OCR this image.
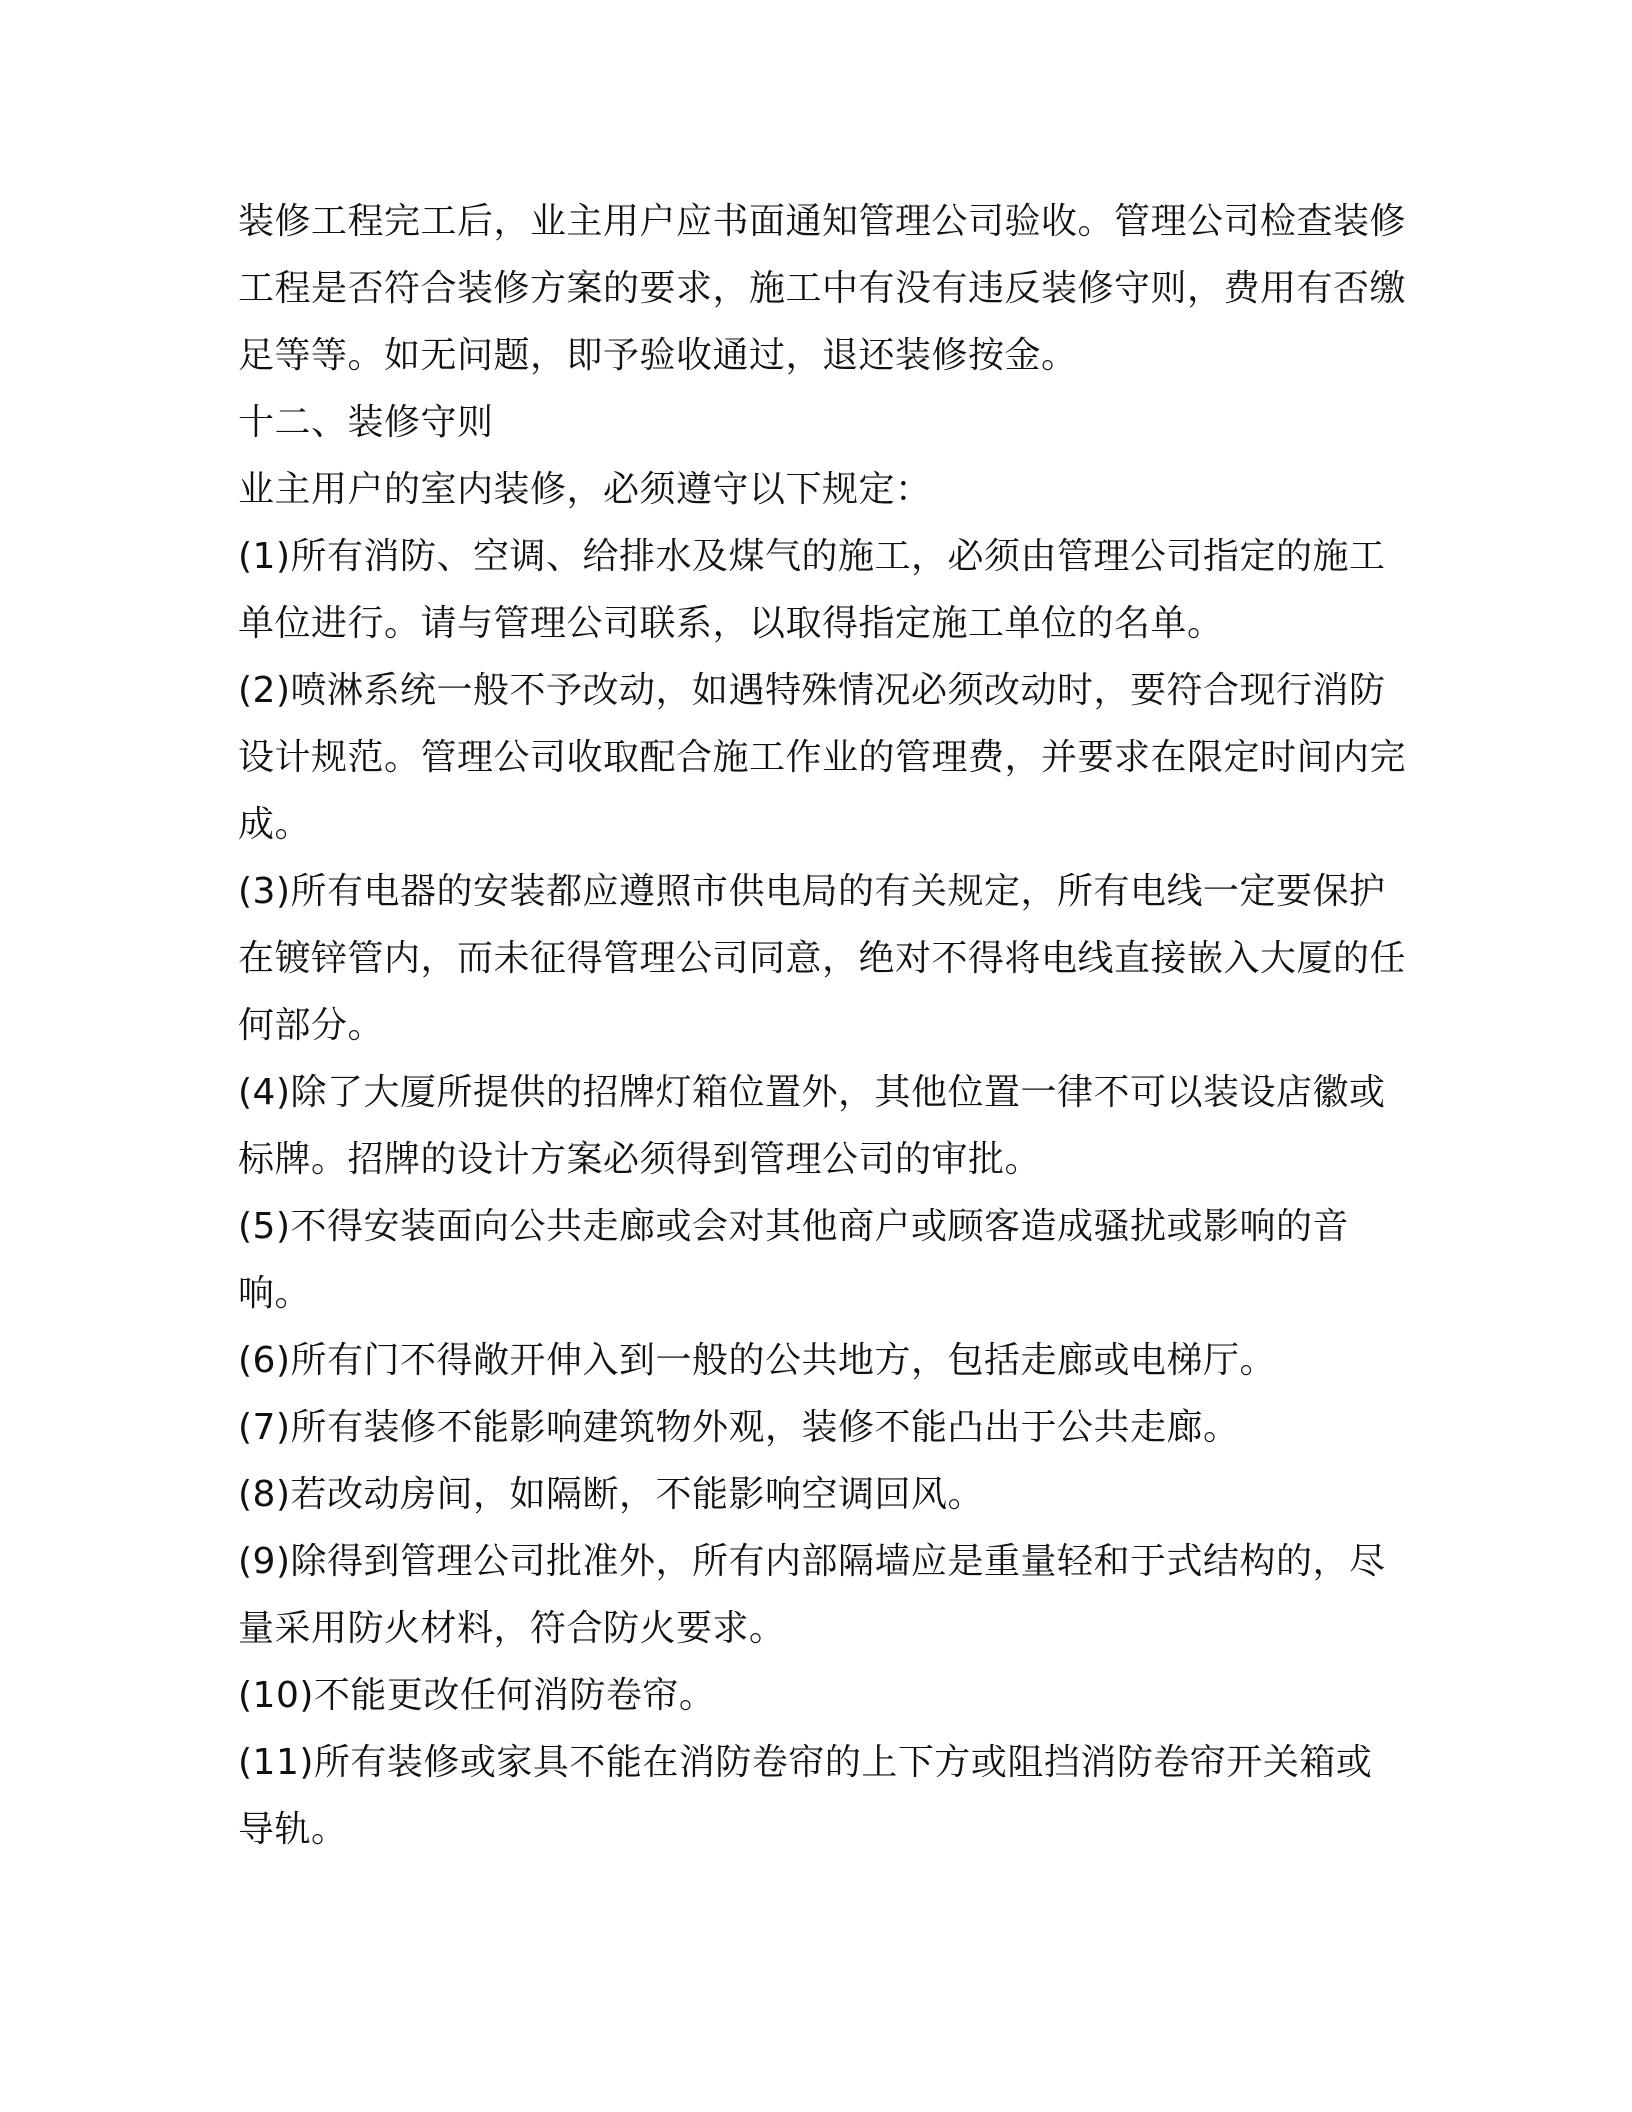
装修工程完工后，业主用户应书面通知管理公司验收。管理公司检查装修工程是否符合装修方案的要求，施工中有没有违反装修守则，费用有否缴足等等。如无问题，即予验收通过，退还装修按金。

十二、装修守则

业主用户的室内装修，必须遵守以下规定：

(1)所有消防、空调、给排水及煤气的施工，必须由管理公司指定的施工单位进行。请与管理公司联系，以取得指定施工单位的名单。

(2)喷淋系统一般不予改动，如遇特殊情况必须改动时，要符合现行消防设计规范。管理公司收取配合施工作业的管理费，并要求在限定时间内完成。

(3)所有电器的安装都应遵照市供电局的有关规定，所有电线一定要保护在镀锌管内，而未征得管理公司同意，绝对不得将电线直接嵌入大厦的任何部分。

(4)除了大厦所提供的招牌灯箱位置外，其他位置一律不可以装设店徽或标牌。招牌的设计方案必须得到管理公司的审批。

(5)不得安装面向公共走廊或会对其他商户或顾客造成骚扰或影响的音响。

(6)所有门不得敞开伸入到一般的公共地方，包括走廊或电梯厅。

(7)所有装修不能影响建筑物外观，装修不能凸出于公共走廊。

(8)若改动房间，如隔断，不能影响空调回风。

(9)除得到管理公司批准外，所有内部隔墙应是重量轻和于式结构的，尽量采用防火材料，符合防火要求。

(10)不能更改任何消防卷帘。

(11)所有装修或家具不能在消防卷帘的上下方或阻挡消防卷帘开关箱或导轨。
